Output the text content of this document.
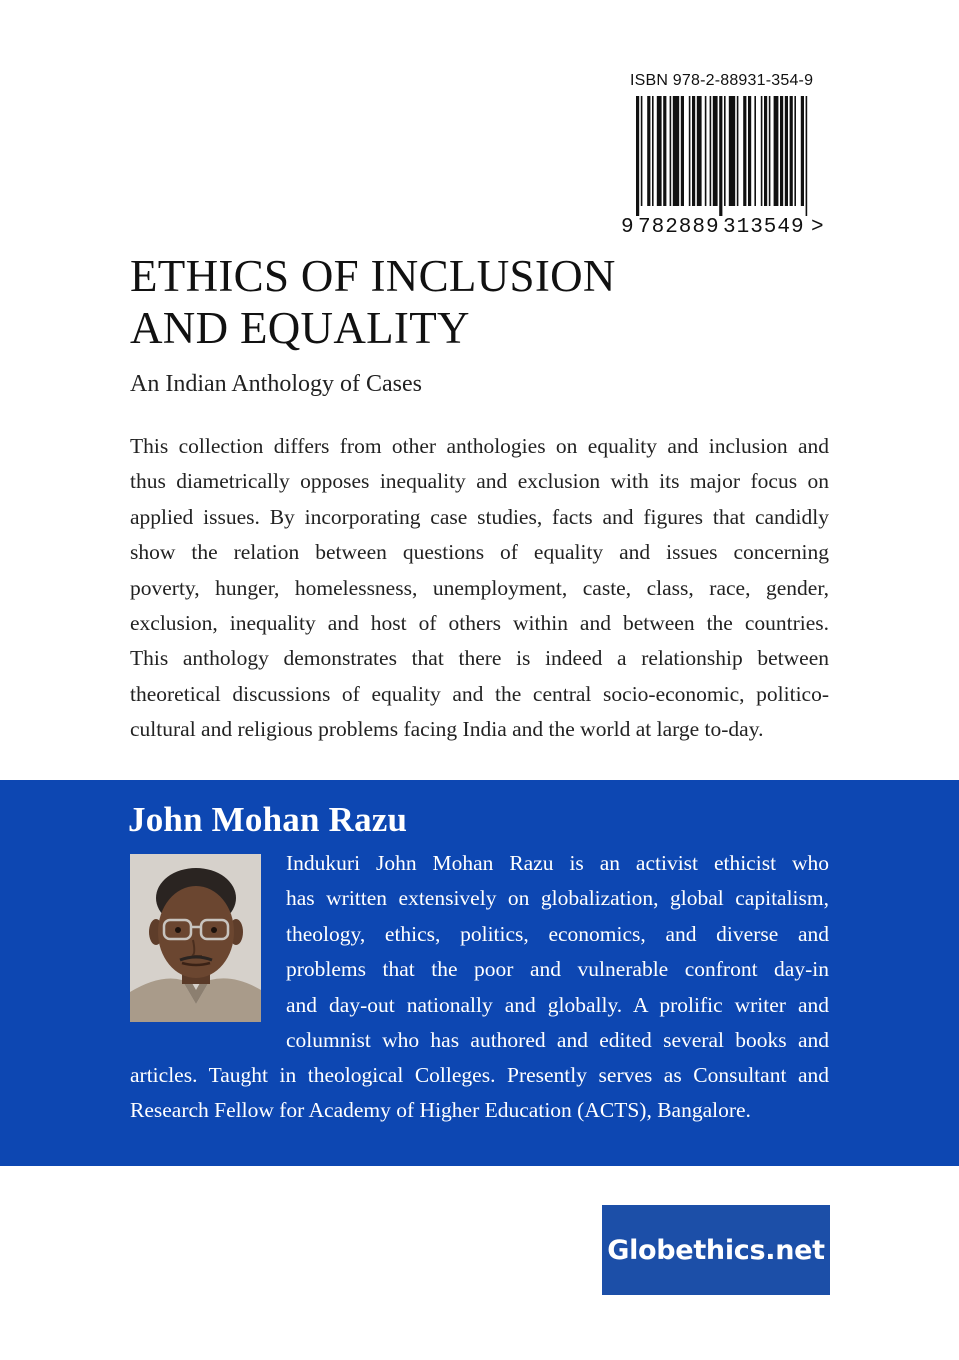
ISBN 978-2-88931-354-9
9 782889 313549 >
ETHICS OF INCLUSION
AND EQUALITY
An Indian Anthology of Cases
This collection differs from other anthologies on equality and inclusion and
thus diametrically opposes inequality and exclusion with its major focus on
applied issues. By incorporating case studies, facts and figures that candidly
show the relation between questions of equality and issues concerning
poverty, hunger, homelessness, unemployment, caste, class, race, gender,
exclusion, inequality and host of others within and between the countries.
This anthology demonstrates that there is indeed a relationship between
theoretical discussions of equality and the central socio-economic, politico-
cultural and religious problems facing India and the world at large to-day.
John Mohan Razu
Indukuri John Mohan Razu is an activist ethicist who
has written extensively on globalization, global capitalism,
theology, ethics, politics, economics, and diverse and
problems that the poor and vulnerable confront day-in
and day-out nationally and globally. A prolific writer and
columnist who has authored and edited several books and
articles. Taught in theological Colleges. Presently serves as Consultant and
Research Fellow for Academy of Higher Education (ACTS), Bangalore.
Globethics.net
